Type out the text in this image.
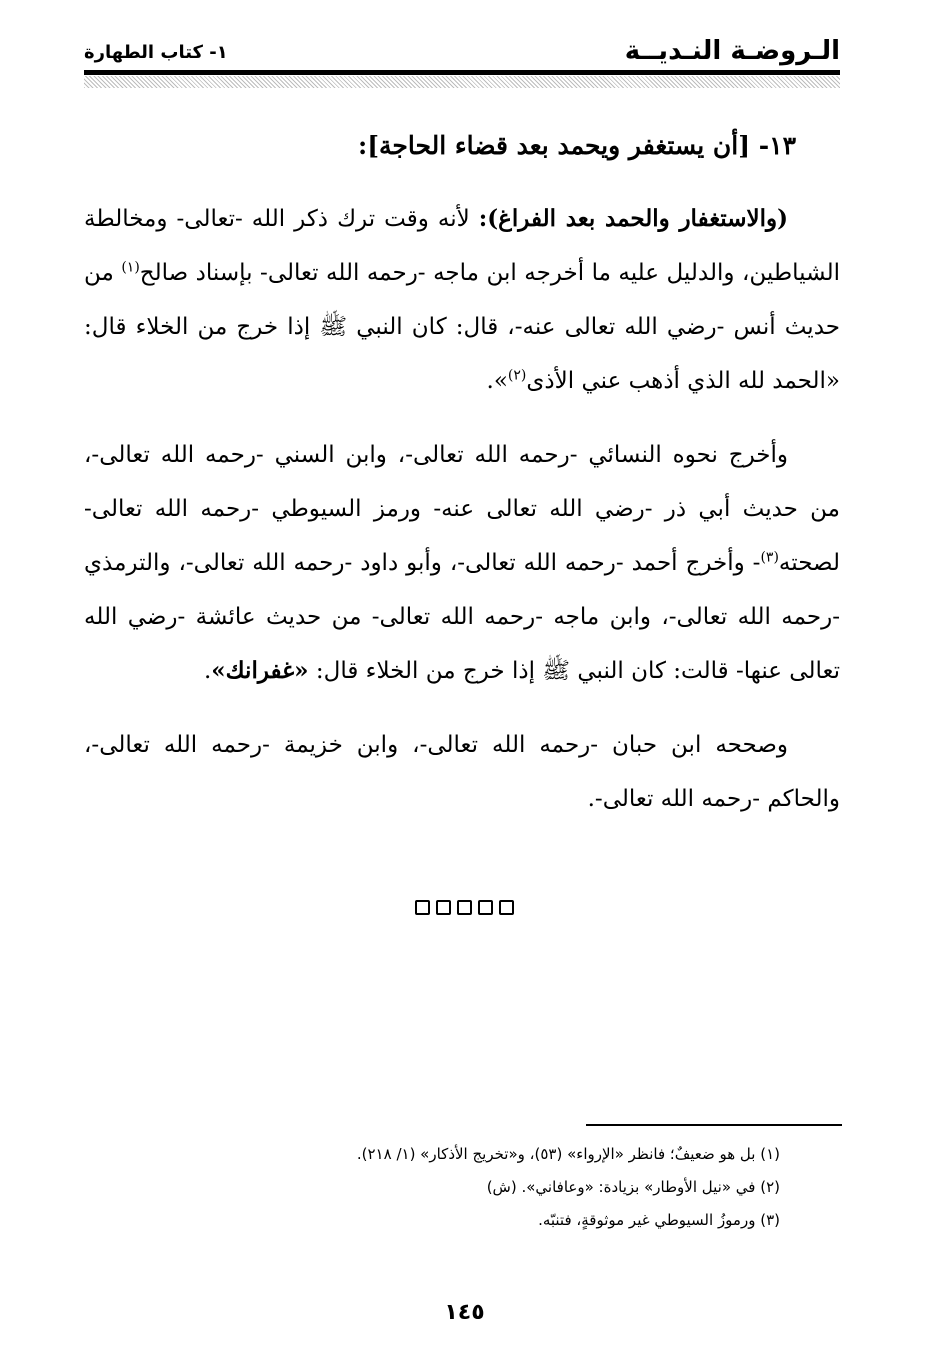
١- كتاب الطهارة	الـروضـة النـديــة
١٣- [أن يستغفر ويحمد بعد قضاء الحاجة]:

(والاستغفار والحمد بعد الفراغ): لأنه وقت ترك ذكر الله -تعالى- ومخالطة الشياطين، والدليل عليه ما أخرجه ابن ماجه -رحمه الله تعالى- بإسناد صالح$^{(١)}$ من حديث أنس -رضي الله تعالى عنه-، قال: كان النبي ﷺ إذا خرج من الخلاء قال: «الحمد لله الذي أذهب عني الأذى$^{(٢)}$».

وأخرج نحوه النسائي -رحمه الله تعالى-، وابن السني -رحمه الله تعالى-، من حديث أبي ذر -رضي الله تعالى عنه- ورمز السيوطي -رحمه الله تعالى- لصحته$^{(٣)}$- وأخرج أحمد -رحمه الله تعالى-، وأبو داود -رحمه الله تعالى-، والترمذي -رحمه الله تعالى-، وابن ماجه -رحمه الله تعالى- من حديث عائشة -رضي الله تعالى عنها- قالت: كان النبي ﷺ إذا خرج من الخلاء قال: «غفرانك».

وصححه ابن حبان -رحمه الله تعالى-، وابن خزيمة -رحمه الله تعالى-، والحاكم -رحمه الله تعالى-.

(١) بل هو ضعيفٌ؛ فانظر «الإرواء» (٥٣)، و«تخريج الأذكار» (١/ ٢١٨).

(٢) في «نيل الأوطار» بزيادة: «وعافاني». (ش)

(٣) ورموزُ السيوطي غير موثوقةٍ، فتنبّه.

١٤٥
